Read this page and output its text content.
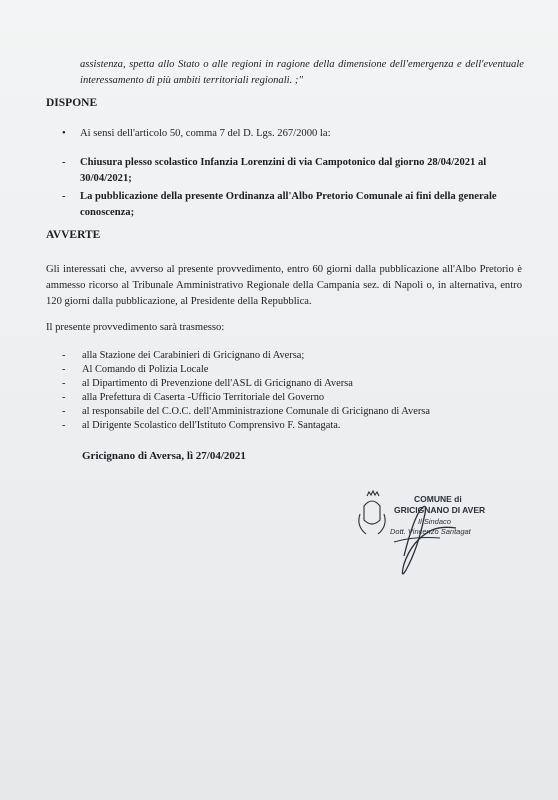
assistenza, spetta allo Stato o alle regioni in ragione della dimensione dell'emergenza e dell'eventuale interessamento di più ambiti territoriali regionali. ;"
DISPONE
• Ai sensi dell'articolo 50, comma 7 del D. Lgs. 267/2000 la:
- Chiusura plesso scolastico Infanzia Lorenzini di via Campotonico dal giorno 28/04/2021 al 30/04/2021;
- La pubblicazione della presente Ordinanza all'Albo Pretorio Comunale ai fini della generale conoscenza;
AVVERTE
Gli interessati che, avverso al presente provvedimento, entro 60 giorni dalla pubblicazione all'Albo Pretorio è ammesso ricorso al Tribunale Amministrativo Regionale della Campania sez. di Napoli o, in alternativa, entro 120 giorni dalla pubblicazione, al Presidente della Repubblica.
Il presente provvedimento sarà trasmesso:
- alla Stazione dei Carabinieri di Gricignano di Aversa;
- Al Comando di Polizia Locale
- al Dipartimento di Prevenzione dell'ASL di Gricignano di Aversa
- alla Prefettura di Caserta -Ufficio Territoriale del Governo
- al responsabile del C.O.C. dell'Amministrazione Comunale di Gricignano di Aversa
- al Dirigente Scolastico dell'Istituto Comprensivo F. Santagata.
Gricignano di Aversa, lì 27/04/2021
COMUNE di
GRICIGNANO DI AVER
Il Sindaco
Dott. Vincenzo Santagat
